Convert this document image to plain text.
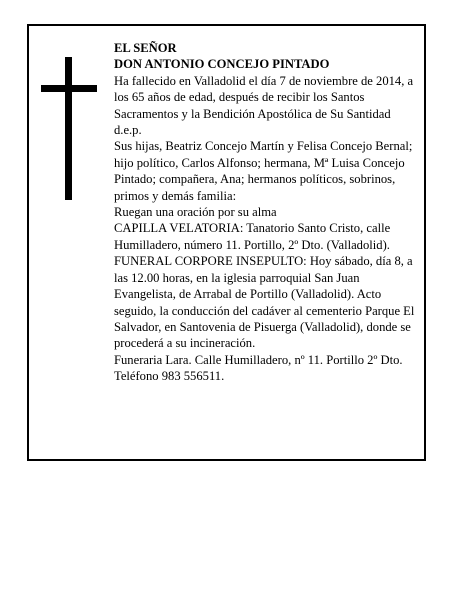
EL SEÑOR

DON ANTONIO CONCEJO PINTADO

Ha fallecido en Valladolid el día 7 de noviembre de 2014, a los 65 años de edad, después de recibir los Santos Sacramentos y la Bendición Apostólica de Su Santidad

d.e.p.

Sus hijas, Beatriz Concejo Martín y Felisa Concejo Bernal; hijo político, Carlos Alfonso; hermana, Mª Luisa Concejo Pintado; compañera, Ana; hermanos políticos, sobrinos, primos y demás familia:

Ruegan una oración por su alma

CAPILLA VELATORIA: Tanatorio Santo Cristo, calle Humilladero, número 11. Portillo, 2º Dto. (Valladolid).

FUNERAL CORPORE INSEPULTO: Hoy sábado, día 8, a las 12.00 horas, en la iglesia parroquial San Juan Evangelista, de Arrabal de Portillo (Valladolid). Acto seguido, la conducción del cadáver al cementerio Parque El Salvador, en Santovenia de Pisuerga (Valladolid), donde se procederá a su incineración.

Funeraria Lara. Calle Humilladero, nº 11. Portillo 2º Dto. Teléfono 983 556511.
